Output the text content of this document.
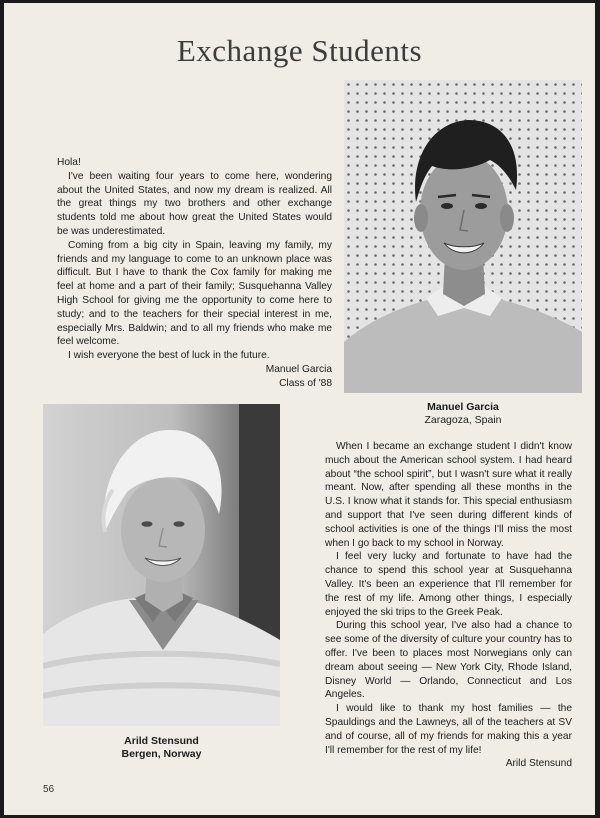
Exchange Students

Hola!

I've been waiting four years to come here, wondering about the United States, and now my dream is realized. All the great things my two brothers and other exchange students told me about how great the United States would be was underestimated.

Coming from a big city in Spain, leaving my family, my friends and my language to come to an unknown place was difficult. But I have to thank the Cox family for making me feel at home and a part of their family; Susquehanna Valley High School for giving me the opportunity to come here to study; and to the teachers for their special interest in me, especially Mrs. Baldwin; and to all my friends who make me feel welcome.

I wish everyone the best of luck in the future.

Manuel Garcia

Class of '88

Manuel Garcia
Zaragoza, Spain

When I became an exchange student I didn't know much about the American school system. I had heard about “the school spirit”, but I wasn't sure what it really meant. Now, after spending all these months in the U.S. I know what it stands for. This special enthusiasm and support that I've seen during different kinds of school activities is one of the things I'll miss the most when I go back to my school in Norway.

I feel very lucky and fortunate to have had the chance to spend this school year at Susquehanna Valley. It's been an experience that I'll remember for the rest of my life. Among other things, I especially enjoyed the ski trips to the Greek Peak.

During this school year, I've also had a chance to see some of the diversity of culture your country has to offer. I've been to places most Norwegians only can dream about seeing — New York City, Rhode Island, Disney World — Orlando, Connecticut and Los Angeles.

I would like to thank my host families — the Spauldings and the Lawneys, all of the teachers at SV and of course, all of my friends for making this a year I'll remember for the rest of my life!

Arild Stensund

Arild Stensund
Bergen, Norway
56
